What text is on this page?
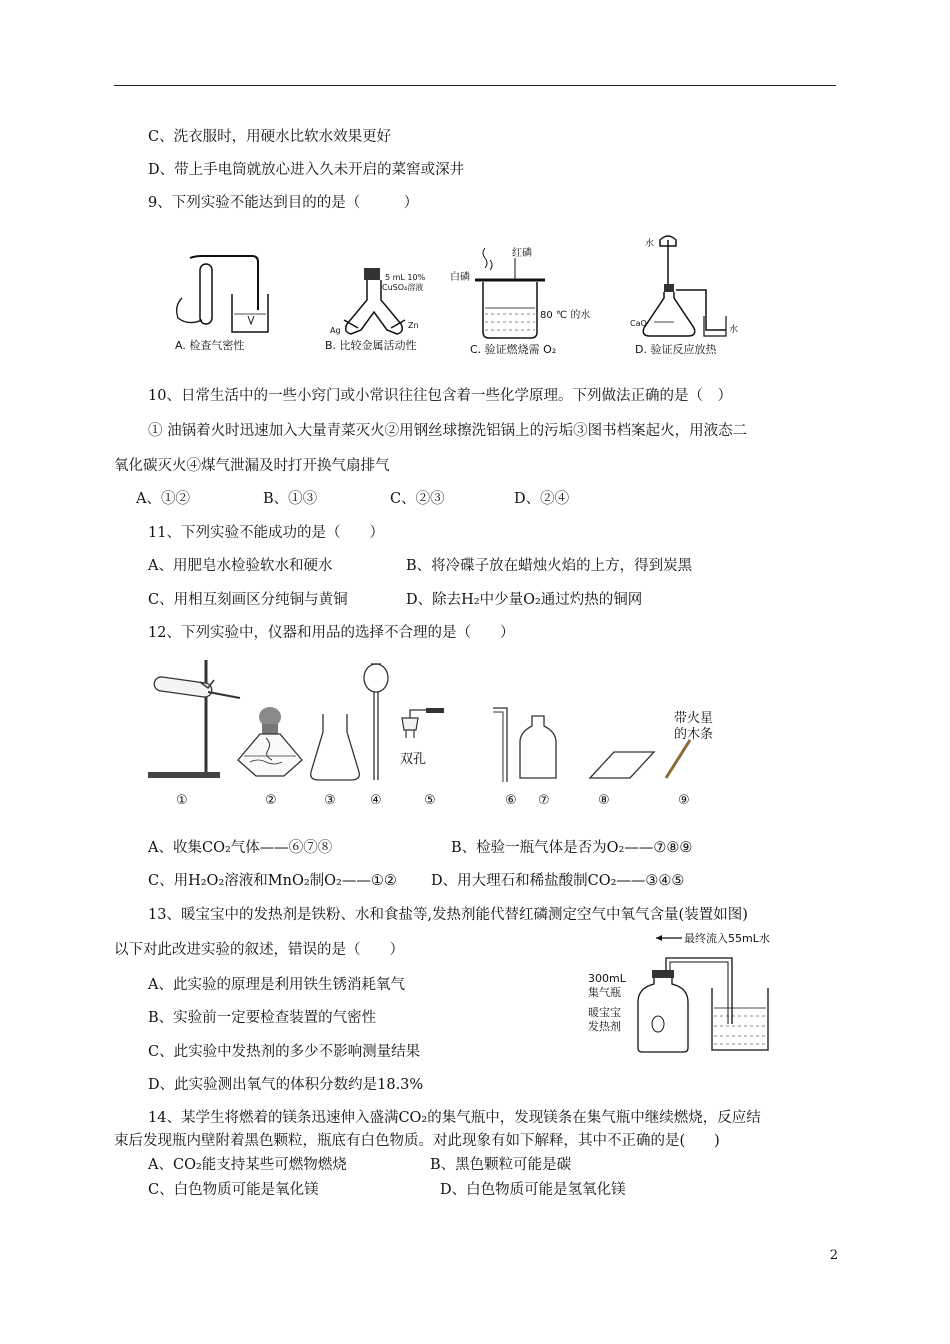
C、洗衣服时，用硬水比软水效果更好
D、带上手电筒就放心进入久未开启的菜窖或深井
9、下列实验不能达到目的的是（　　　）
A. 检查气密性
5 mL 10%
CuSO₄溶液
Ag
Zn
B. 比较金属活动性
红磷
白磷
80 ℃ 的水
C. 验证燃烧需 O₂
水
CaO
水
D. 验证反应放热
10、日常生活中的一些小窍门或小常识往往包含着一些化学原理。下列做法正确的是（　）
① 油锅着火时迅速加入大量青菜灭火②用钢丝球擦洗铝锅上的污垢③图书档案起火，用液态二
氧化碳灭火④煤气泄漏及时打开换气扇排气
A、①②	B、①③	C、②③	D、②④
11、下列实验不能成功的是（　　）
A、用肥皂水检验软水和硬水	B、将冷碟子放在蜡烛火焰的上方，得到炭黑
C、用相互刻画区分纯铜与黄铜	D、除去H₂中少量O₂通过灼热的铜网
12、下列实验中，仪器和用品的选择不合理的是（　　）
双孔
带火星
的木条
①	②	③	④	⑤	⑥ ⑦	⑧	⑨
A、收集CO₂气体——⑥⑦⑧	B、检验一瓶气体是否为O₂——⑦⑧⑨
C、用H₂O₂溶液和MnO₂制O₂——①② D、用大理石和稀盐酸制CO₂——③④⑤
13、暖宝宝中的发热剂是铁粉、水和食盐等,发热剂能代替红磷测定空气中氧气含量(装置如图)
以下对此改进实验的叙述，错误的是（　　）
A、此实验的原理是利用铁生锈消耗氧气
B、实验前一定要检查装置的气密性
C、此实验中发热剂的多少不影响测量结果
D、此实验测出氧气的体积分数约是18.3%
最终流入55mL水
300mL
集气瓶
暖宝宝
发热剂
14、某学生将燃着的镁条迅速伸入盛满CO₂的集气瓶中，发现镁条在集气瓶中继续燃烧，反应结
束后发现瓶内壁附着黑色颗粒，瓶底有白色物质。对此现象有如下解释，其中不正确的是(　　)
A、CO₂能支持某些可燃物燃烧	B、黑色颗粒可能是碳
C、白色物质可能是氧化镁	D、白色物质可能是氢氧化镁
2
